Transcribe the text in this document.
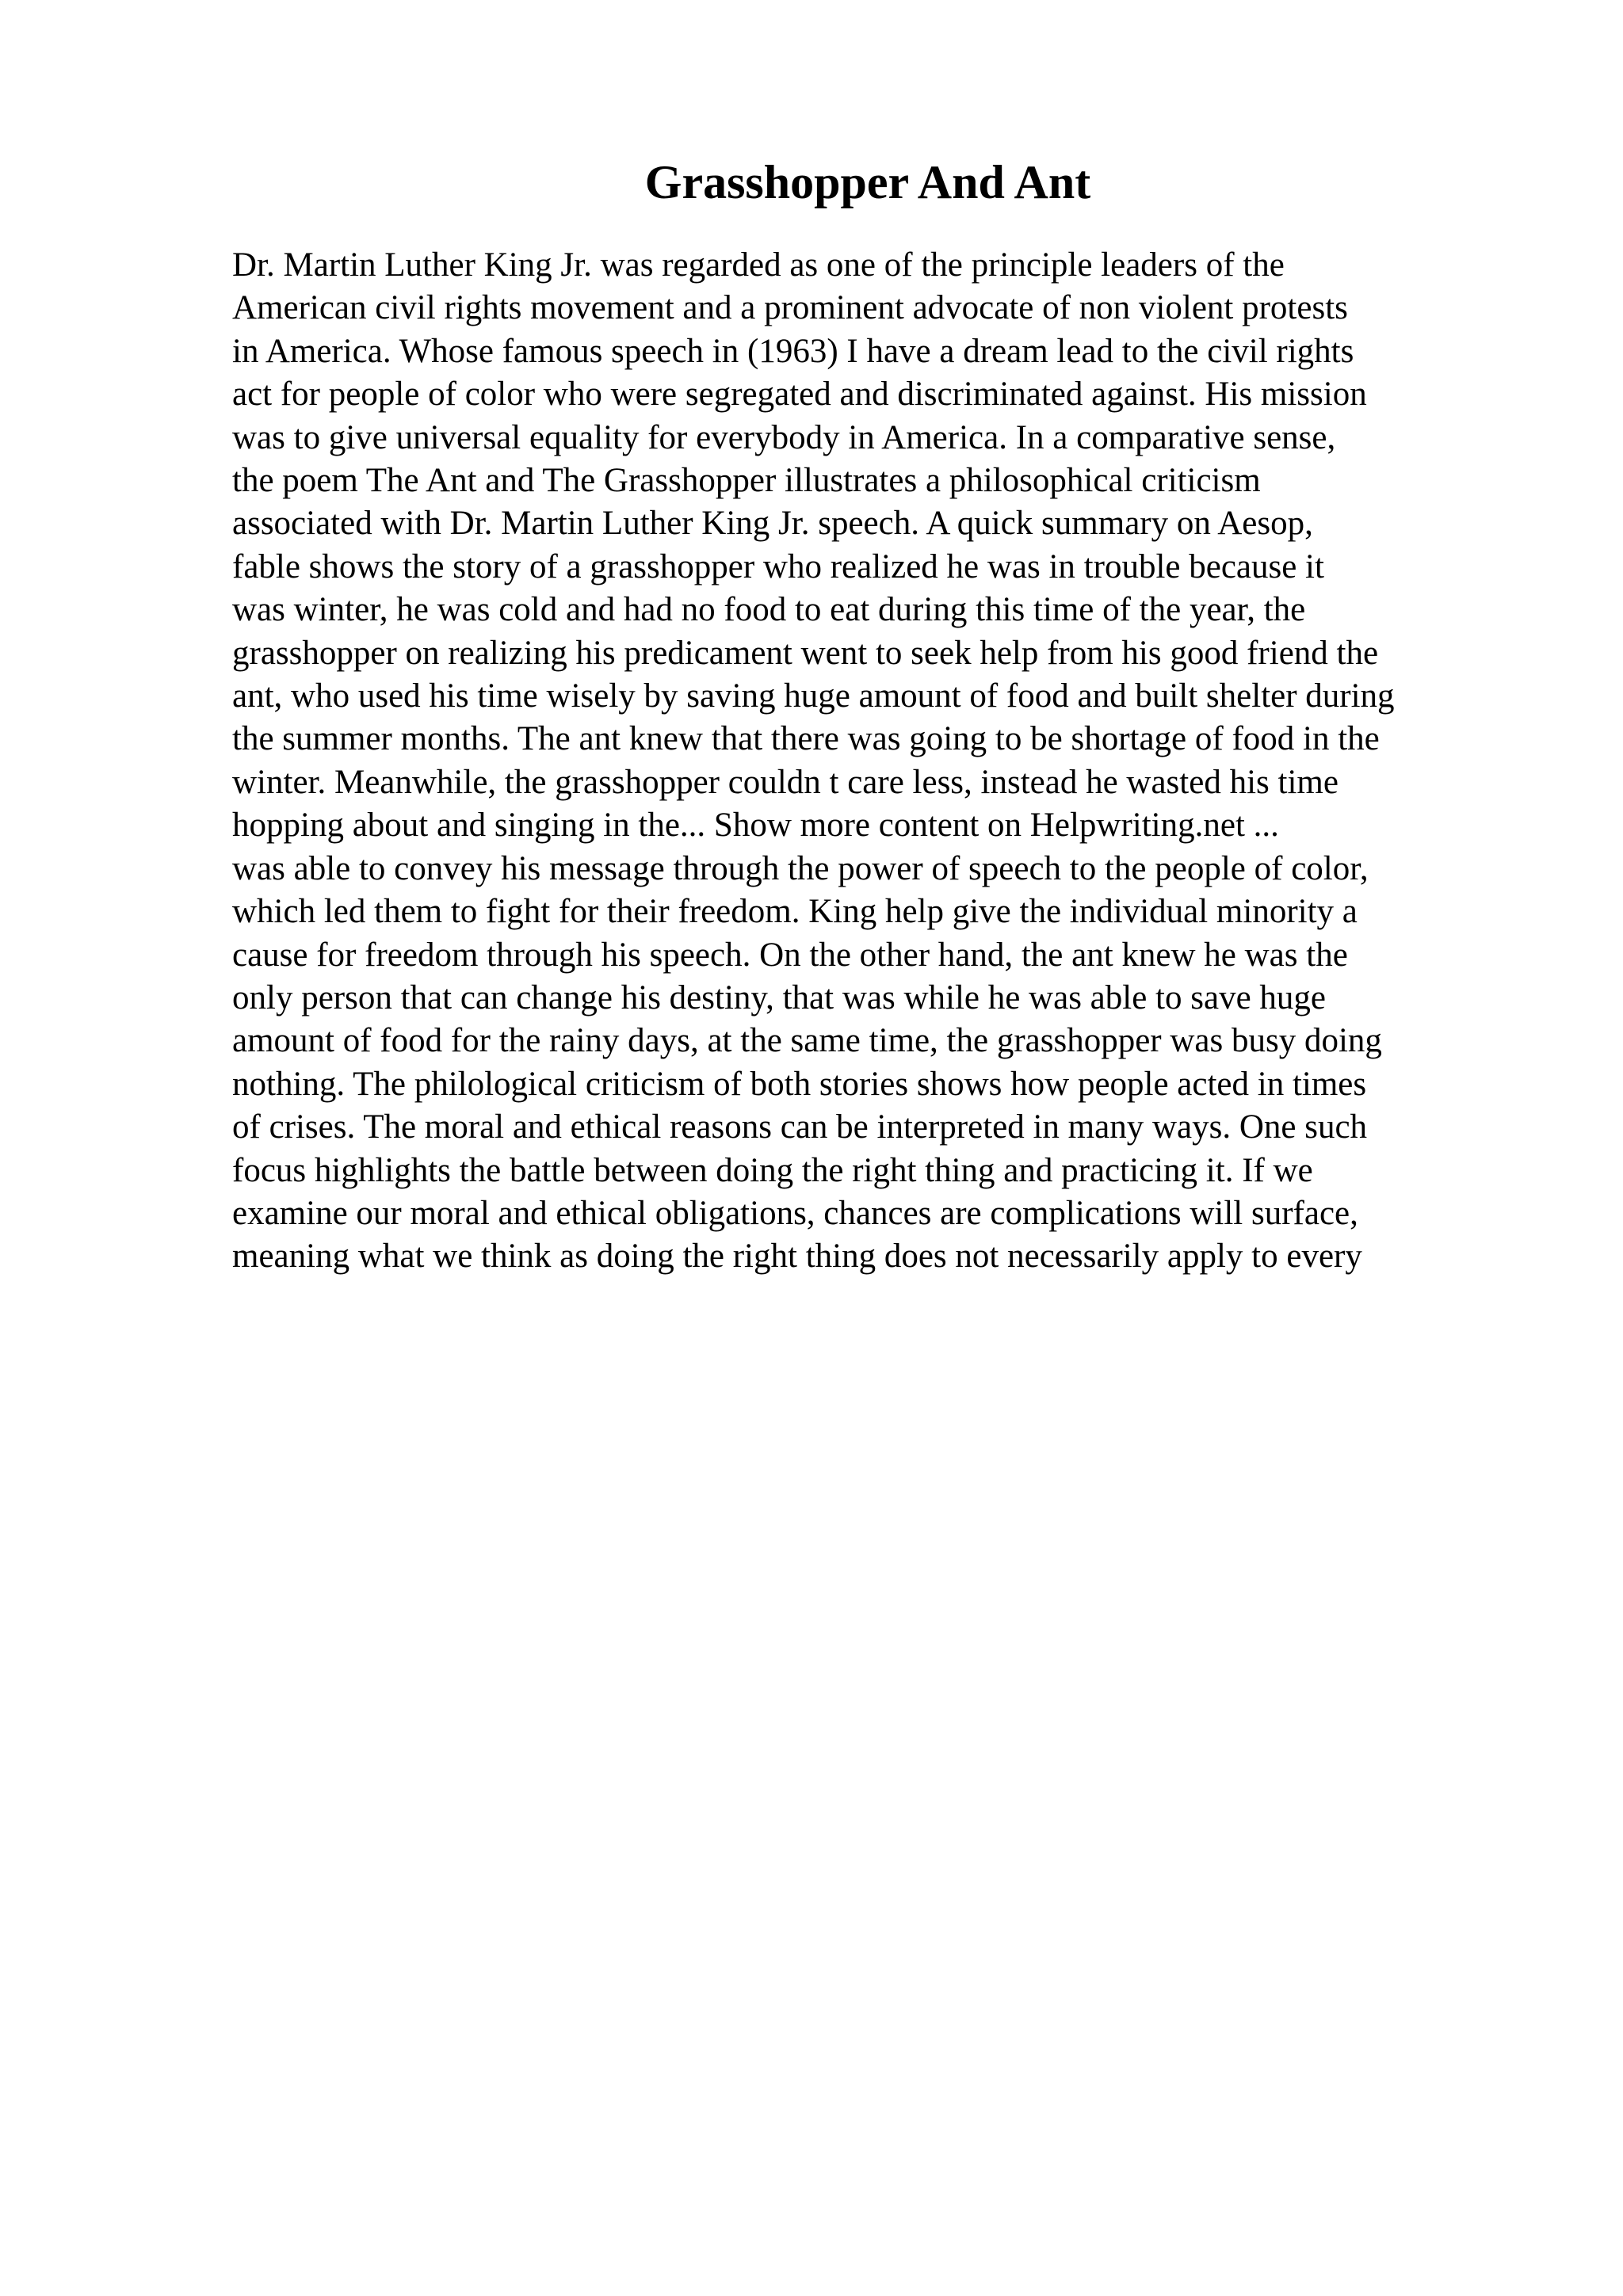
Grasshopper And Ant
Dr. Martin Luther King Jr. was regarded as one of the principle leaders of the
American civil rights movement and a prominent advocate of non violent protests
in America. Whose famous speech in (1963) I have a dream lead to the civil rights
act for people of color who were segregated and discriminated against. His mission
was to give universal equality for everybody in America. In a comparative sense,
the poem The Ant and The Grasshopper illustrates a philosophical criticism
associated with Dr. Martin Luther King Jr. speech. A quick summary on Aesop,
fable shows the story of a grasshopper who realized he was in trouble because it
was winter, he was cold and had no food to eat during this time of the year, the
grasshopper on realizing his predicament went to seek help from his good friend the
ant, who used his time wisely by saving huge amount of food and built shelter during
the summer months. The ant knew that there was going to be shortage of food in the
winter. Meanwhile, the grasshopper couldn t care less, instead he wasted his time
hopping about and singing in the... Show more content on Helpwriting.net ...
was able to convey his message through the power of speech to the people of color,
which led them to fight for their freedom. King help give the individual minority a
cause for freedom through his speech. On the other hand, the ant knew he was the
only person that can change his destiny, that was while he was able to save huge
amount of food for the rainy days, at the same time, the grasshopper was busy doing
nothing. The philological criticism of both stories shows how people acted in times
of crises. The moral and ethical reasons can be interpreted in many ways. One such
focus highlights the battle between doing the right thing and practicing it. If we
examine our moral and ethical obligations, chances are complications will surface,
meaning what we think as doing the right thing does not necessarily apply to every
